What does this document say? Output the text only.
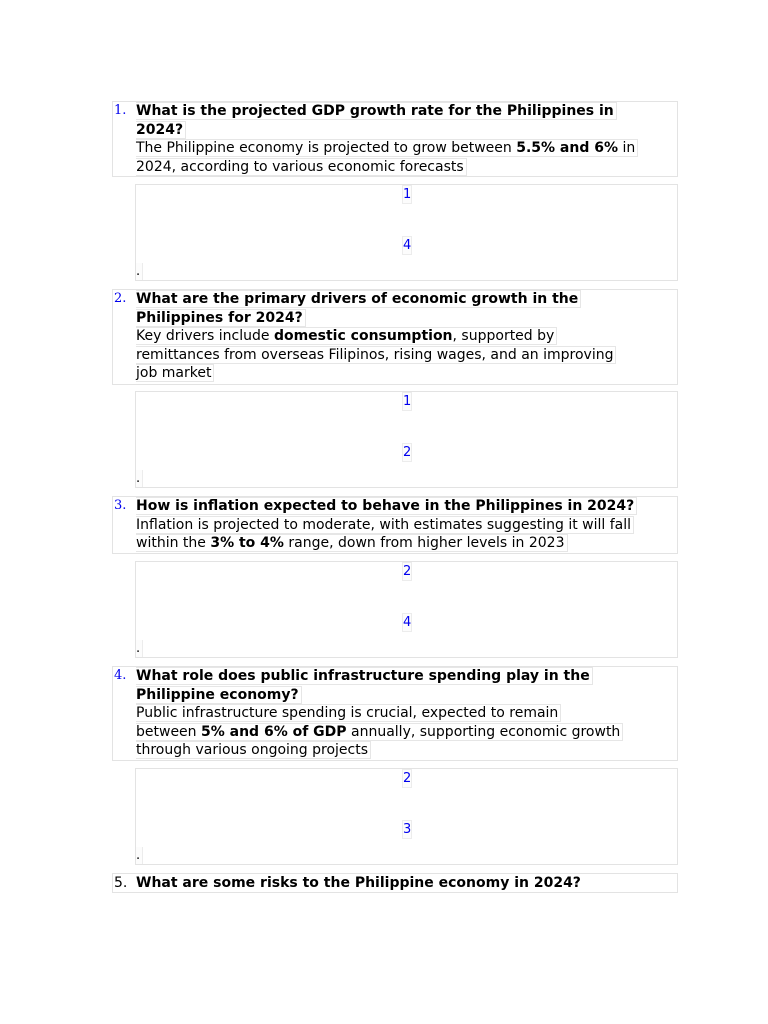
1. What is the projected GDP growth rate for the Philippines in
2024?
The Philippine economy is projected to grow between 5.5% and 6% in
2024, according to various economic forecasts
1
4
.
2. What are the primary drivers of economic growth in the
Philippines for 2024?
Key drivers include domestic consumption, supported by
remittances from overseas Filipinos, rising wages, and an improving
job market
1
2
.
3. How is inflation expected to behave in the Philippines in 2024?
Inflation is projected to moderate, with estimates suggesting it will fall
within the 3% to 4% range, down from higher levels in 2023
2
4
.
4. What role does public infrastructure spending play in the
Philippine economy?
Public infrastructure spending is crucial, expected to remain
between 5% and 6% of GDP annually, supporting economic growth
through various ongoing projects
2
3
.
5. What are some risks to the Philippine economy in 2024?
